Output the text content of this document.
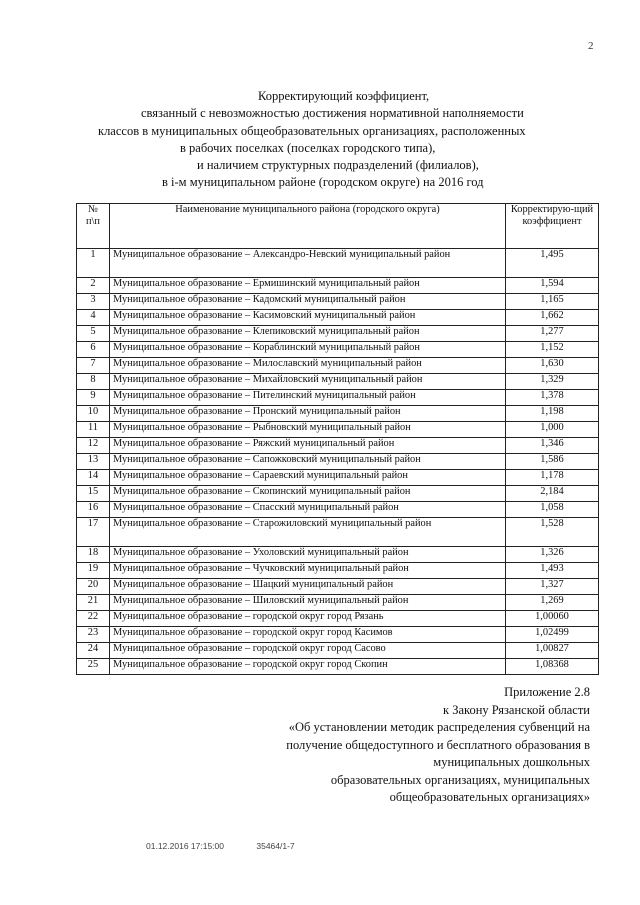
2
Корректирующий коэффициент,
связанный с невозможностью достижения нормативной наполняемости
классов в муниципальных общеобразовательных организациях, расположенных
в рабочих поселках (поселках городского типа),
и наличием структурных подразделений (филиалов),
в i-м муниципальном районе (городском округе) на 2016 год
№ п\п	Наименование муниципального района (городского округа)	Корректирую-щий коэффициент
1	Муниципальное образование – Александро-Невский муниципальный район	1,495
2	Муниципальное образование – Ермишинский муниципальный район	1,594
3	Муниципальное образование – Кадомский муниципальный район	1,165
4	Муниципальное образование – Касимовский муниципальный район	1,662
5	Муниципальное образование – Клепиковский муниципальный район	1,277
6	Муниципальное образование – Кораблинский муниципальный район	1,152
7	Муниципальное образование – Милославский муниципальный район	1,630
8	Муниципальное образование – Михайловский муниципальный район	1,329
9	Муниципальное образование – Пителинский муниципальный район	1,378
10	Муниципальное образование – Пронский муниципальный район	1,198
11	Муниципальное образование – Рыбновский муниципальный район	1,000
12	Муниципальное образование – Ряжский муниципальный район	1,346
13	Муниципальное образование – Сапожковский муниципальный район	1,586
14	Муниципальное образование – Сараевский муниципальный район	1,178
15	Муниципальное образование – Скопинский муниципальный район	2,184
16	Муниципальное образование – Спасский муниципальный район	1,058
17	Муниципальное образование – Старожиловский муниципальный район	1,528
18	Муниципальное образование – Ухоловский муниципальный район	1,326
19	Муниципальное образование – Чучковский муниципальный район	1,493
20	Муниципальное образование – Шацкий муниципальный район	1,327
21	Муниципальное образование – Шиловский муниципальный район	1,269
22	Муниципальное образование – городской округ город Рязань	1,00060
23	Муниципальное образование – городской округ город Касимов	1,02499
24	Муниципальное образование – городской округ город Сасово	1,00827
25	Муниципальное образование – городской округ город Скопин	1,08368
Приложение 2.8
к Закону Рязанской области
«Об установлении методик распределения субвенций на
получение общедоступного и бесплатного образования в
муниципальных дошкольных
образовательных организациях, муниципальных
общеобразовательных организациях»
01.12.2016 17:15:00	35464/1-7
